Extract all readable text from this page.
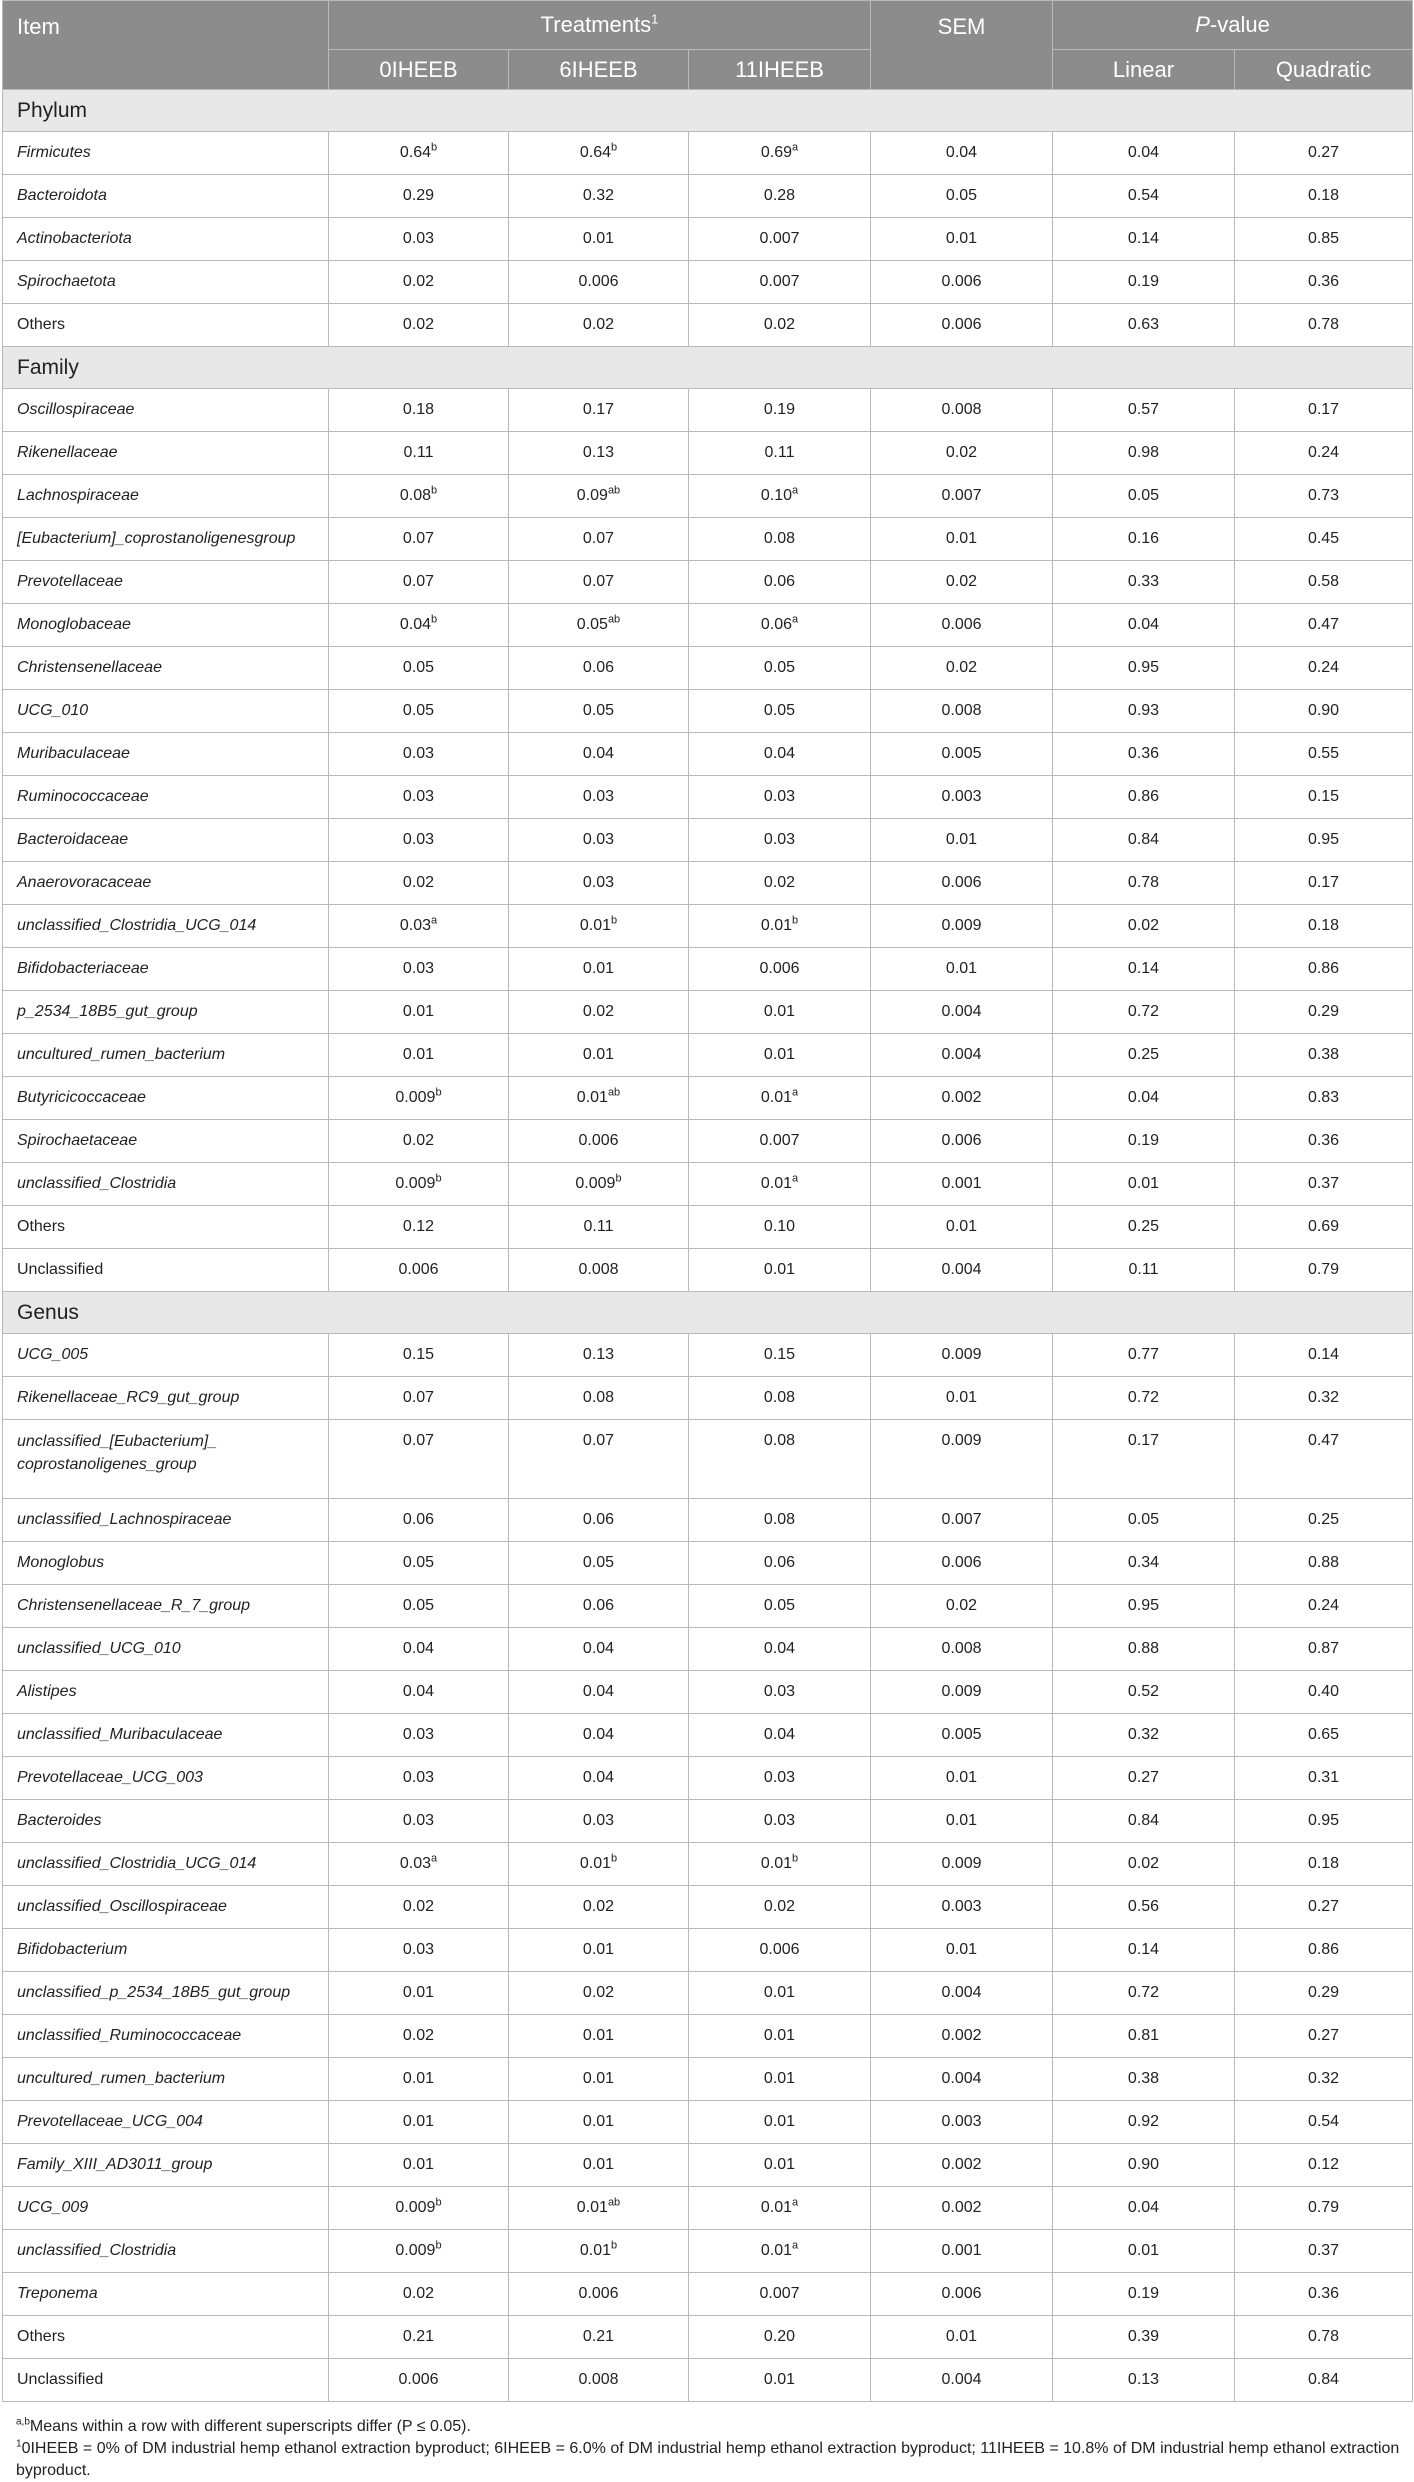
Item	Treatments$^1$			SEM	P-value	
	0IHEEB	6IHEEB	11IHEEB		Linear	Quadratic
Phylum						
Firmicutes	0.64$^b$	0.64$^b$	0.69$^a$	0.04	0.04	0.27
Bacteroidota	0.29	0.32	0.28	0.05	0.54	0.18
Actinobacteriota	0.03	0.01	0.007	0.01	0.14	0.85
Spirochaetota	0.02	0.006	0.007	0.006	0.19	0.36
Others	0.02	0.02	0.02	0.006	0.63	0.78
Family						
Oscillospiraceae	0.18	0.17	0.19	0.008	0.57	0.17
Rikenellaceae	0.11	0.13	0.11	0.02	0.98	0.24
Lachnospiraceae	0.08$^b$	0.09$^{ab}$	0.10$^a$	0.007	0.05	0.73
[Eubacterium]_coprostanoligenesgroup	0.07	0.07	0.08	0.01	0.16	0.45
Prevotellaceae	0.07	0.07	0.06	0.02	0.33	0.58
Monoglobaceae	0.04$^b$	0.05$^{ab}$	0.06$^a$	0.006	0.04	0.47
Christensenellaceae	0.05	0.06	0.05	0.02	0.95	0.24
UCG_010	0.05	0.05	0.05	0.008	0.93	0.90
Muribaculaceae	0.03	0.04	0.04	0.005	0.36	0.55
Ruminococcaceae	0.03	0.03	0.03	0.003	0.86	0.15
Bacteroidaceae	0.03	0.03	0.03	0.01	0.84	0.95
Anaerovoracaceae	0.02	0.03	0.02	0.006	0.78	0.17
unclassified_Clostridia_UCG_014	0.03$^a$	0.01$^b$	0.01$^b$	0.009	0.02	0.18
Bifidobacteriaceae	0.03	0.01	0.006	0.01	0.14	0.86
p_2534_18B5_gut_group	0.01	0.02	0.01	0.004	0.72	0.29
uncultured_rumen_bacterium	0.01	0.01	0.01	0.004	0.25	0.38
Butyricicoccaceae	0.009$^b$	0.01$^{ab}$	0.01$^a$	0.002	0.04	0.83
Spirochaetaceae	0.02	0.006	0.007	0.006	0.19	0.36
unclassified_Clostridia	0.009$^b$	0.009$^b$	0.01$^a$	0.001	0.01	0.37
Others	0.12	0.11	0.10	0.01	0.25	0.69
Unclassified	0.006	0.008	0.01	0.004	0.11	0.79
Genus						
UCG_005	0.15	0.13	0.15	0.009	0.77	0.14
Rikenellaceae_RC9_gut_group	0.07	0.08	0.08	0.01	0.72	0.32
unclassified_[Eubacterium]_
coprostanoligenes_group	0.07	0.07	0.08	0.009	0.17	0.47
unclassified_Lachnospiraceae	0.06	0.06	0.08	0.007	0.05	0.25
Monoglobus	0.05	0.05	0.06	0.006	0.34	0.88
Christensenellaceae_R_7_group	0.05	0.06	0.05	0.02	0.95	0.24
unclassified_UCG_010	0.04	0.04	0.04	0.008	0.88	0.87
Alistipes	0.04	0.04	0.03	0.009	0.52	0.40
unclassified_Muribaculaceae	0.03	0.04	0.04	0.005	0.32	0.65
Prevotellaceae_UCG_003	0.03	0.04	0.03	0.01	0.27	0.31
Bacteroides	0.03	0.03	0.03	0.01	0.84	0.95
unclassified_Clostridia_UCG_014	0.03$^a$	0.01$^b$	0.01$^b$	0.009	0.02	0.18
unclassified_Oscillospiraceae	0.02	0.02	0.02	0.003	0.56	0.27
Bifidobacterium	0.03	0.01	0.006	0.01	0.14	0.86
unclassified_p_2534_18B5_gut_group	0.01	0.02	0.01	0.004	0.72	0.29
unclassified_Ruminococcaceae	0.02	0.01	0.01	0.002	0.81	0.27
uncultured_rumen_bacterium	0.01	0.01	0.01	0.004	0.38	0.32
Prevotellaceae_UCG_004	0.01	0.01	0.01	0.003	0.92	0.54
Family_XIII_AD3011_group	0.01	0.01	0.01	0.002	0.90	0.12
UCG_009	0.009$^b$	0.01$^{ab}$	0.01$^a$	0.002	0.04	0.79
unclassified_Clostridia	0.009$^b$	0.01$^b$	0.01$^a$	0.001	0.01	0.37
Treponema	0.02	0.006	0.007	0.006	0.19	0.36
Others	0.21	0.21	0.20	0.01	0.39	0.78
Unclassified	0.006	0.008	0.01	0.004	0.13	0.84
$^{a,b}$Means within a row with different superscripts differ (P ≤ 0.05).
$^1$0IHEEB = 0% of DM industrial hemp ethanol extraction byproduct; 6IHEEB = 6.0% of DM industrial hemp ethanol extraction byproduct; 11IHEEB = 10.8% of DM industrial hemp ethanol extraction byproduct.
